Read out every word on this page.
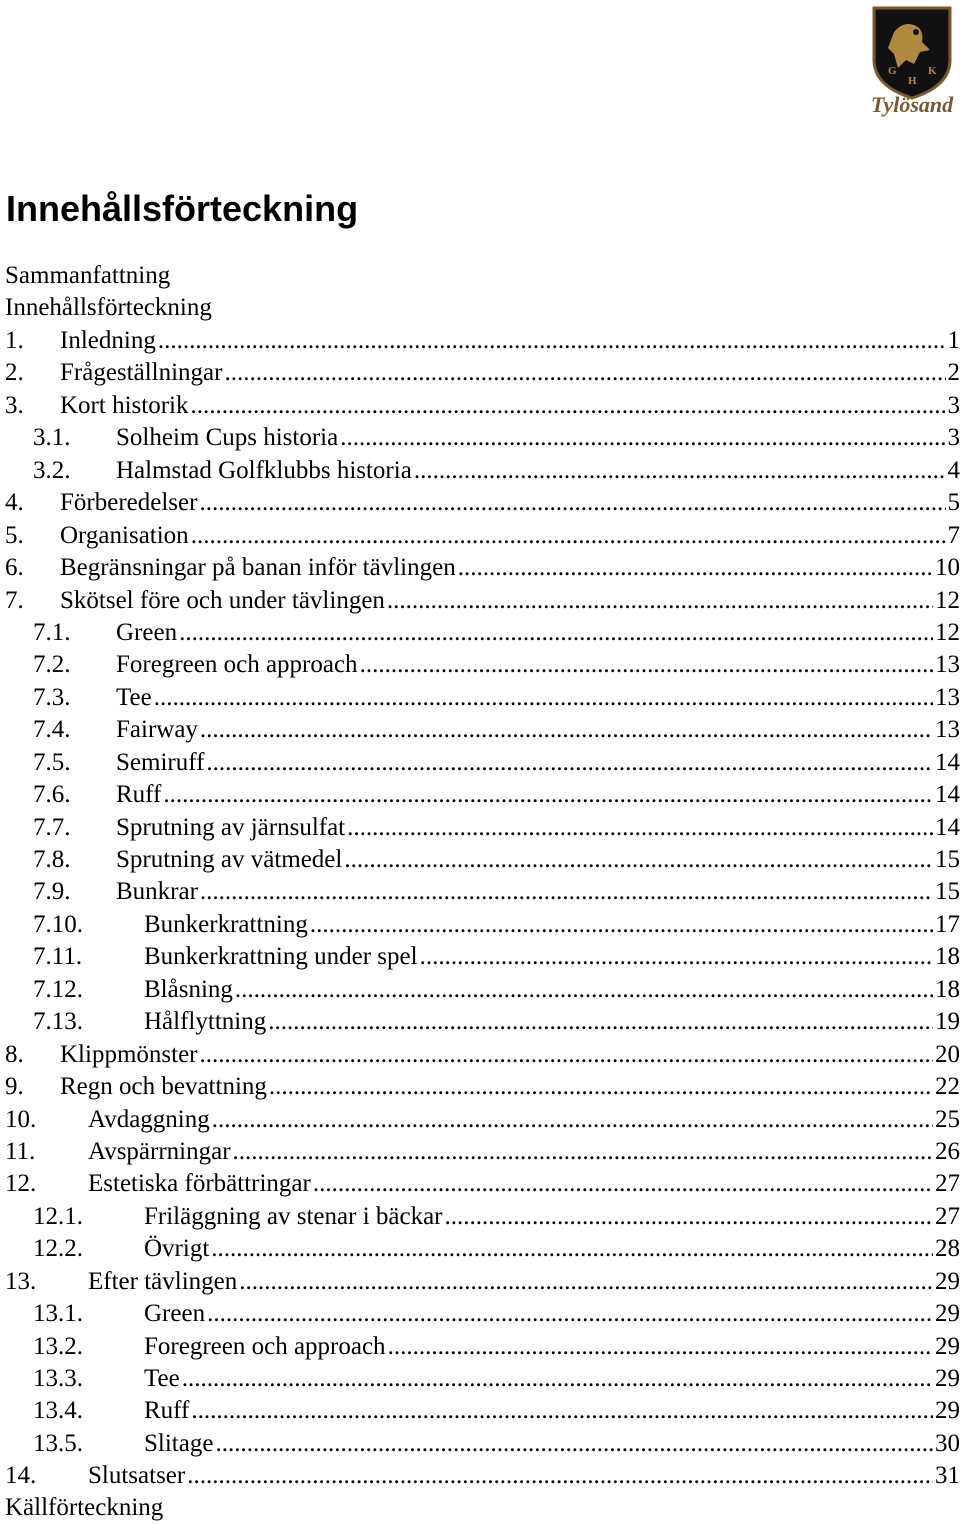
G
H
K
Tylösand
Innehållsförteckning
Sammanfattning
Innehållsförteckning
1. Inledning .....	1
2. Frågeställningar .....	2
3. Kort historik .....	3
3.1. Solheim Cups historia .....	3
3.2. Halmstad Golfklubbs historia .....	4
4. Förberedelser .....	5
5. Organisation .....	7
6. Begränsningar på banan inför tävlingen .....	10
7. Skötsel före och under tävlingen .....	12
7.1. Green .....	12
7.2. Foregreen och approach .....	13
7.3. Tee .....	13
7.4. Fairway .....	13
7.5. Semiruff .....	14
7.6. Ruff .....	14
7.7. Sprutning av järnsulfat .....	14
7.8. Sprutning av vätmedel .....	15
7.9. Bunkrar .....	15
7.10. Bunkerkrattning .....	17
7.11. Bunkerkrattning under spel .....	18
7.12. Blåsning .....	18
7.13. Hålflyttning .....	19
8. Klippmönster .....	20
9. Regn och bevattning .....	22
10. Avdaggning .....	25
11. Avspärrningar .....	26
12. Estetiska förbättringar .....	27
12.1. Friläggning av stenar i bäckar .....	27
12.2. Övrigt .....	28
13. Efter tävlingen .....	29
13.1. Green .....	29
13.2. Foregreen och approach .....	29
13.3. Tee .....	29
13.4. Ruff .....	29
13.5. Slitage .....	30
14. Slutsatser .....	31
Källförteckning
